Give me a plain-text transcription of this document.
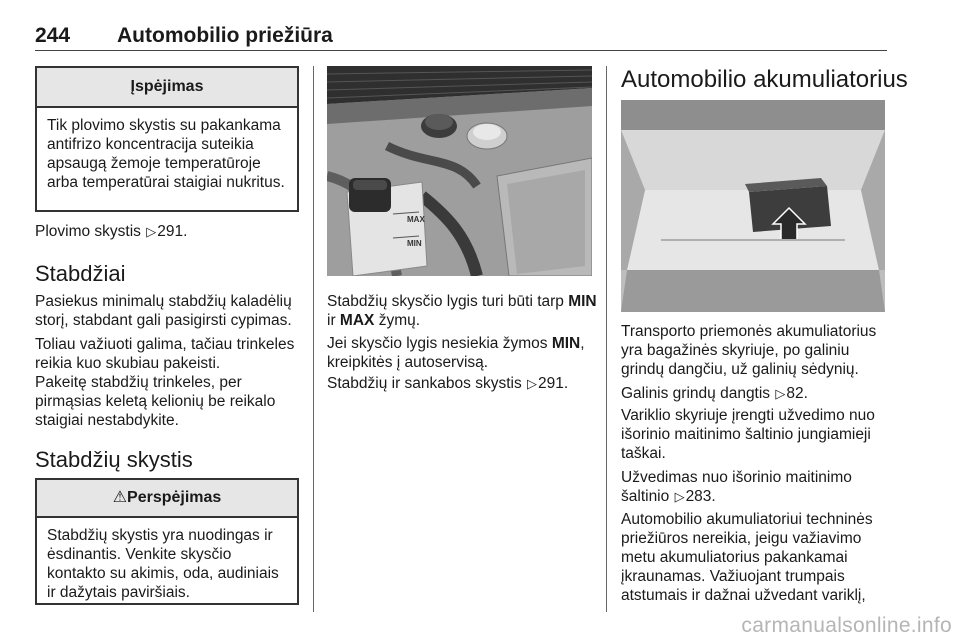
244 Automobilio priežiūra
Įspėjimas
Tik plovimo skystis su pakankama antifrizo koncentracija suteikia apsaugą žemoje temperatūroje arba temperatūrai staigiai nukritus.
Plovimo skystis ▷291.
Stabdžiai
Pasiekus minimalų stabdžių kaladėlių storį, stabdant gali pasigirsti cypimas.
Toliau važiuoti galima, tačiau trinkeles reikia kuo skubiau pakeisti.
Pakeitę stabdžių trinkeles, per pirmąsias keletą kelionių be reikalo staigiai nestabdykite.
Stabdžių skystis
⚠Perspėjimas
Stabdžių skystis yra nuodingas ir ėsdinantis. Venkite skysčio kontakto su akimis, oda, audiniais ir dažytais paviršiais.
MAX
MIN
Stabdžių skysčio lygis turi būti tarp MIN ir MAX žymų.
Jei skysčio lygis nesiekia žymos MIN, kreipkitės į autoservisą.
Stabdžių ir sankabos skystis ▷291.
Automobilio akumuliatorius
Transporto priemonės akumuliatorius yra bagažinės skyriuje, po galiniu grindų dangčiu, už galinių sėdynių.
Galinis grindų dangtis ▷82.
Variklio skyriuje įrengti užvedimo nuo išorinio maitinimo šaltinio jungiamieji taškai.
Užvedimas nuo išorinio maitinimo šaltinio ▷283.
Automobilio akumuliatoriui techninės priežiūros nereikia, jeigu važiavimo metu akumuliatorius pakankamai įkraunamas. Važiuojant trumpais atstumais ir dažnai užvedant variklį,
carmanualsonline.info
